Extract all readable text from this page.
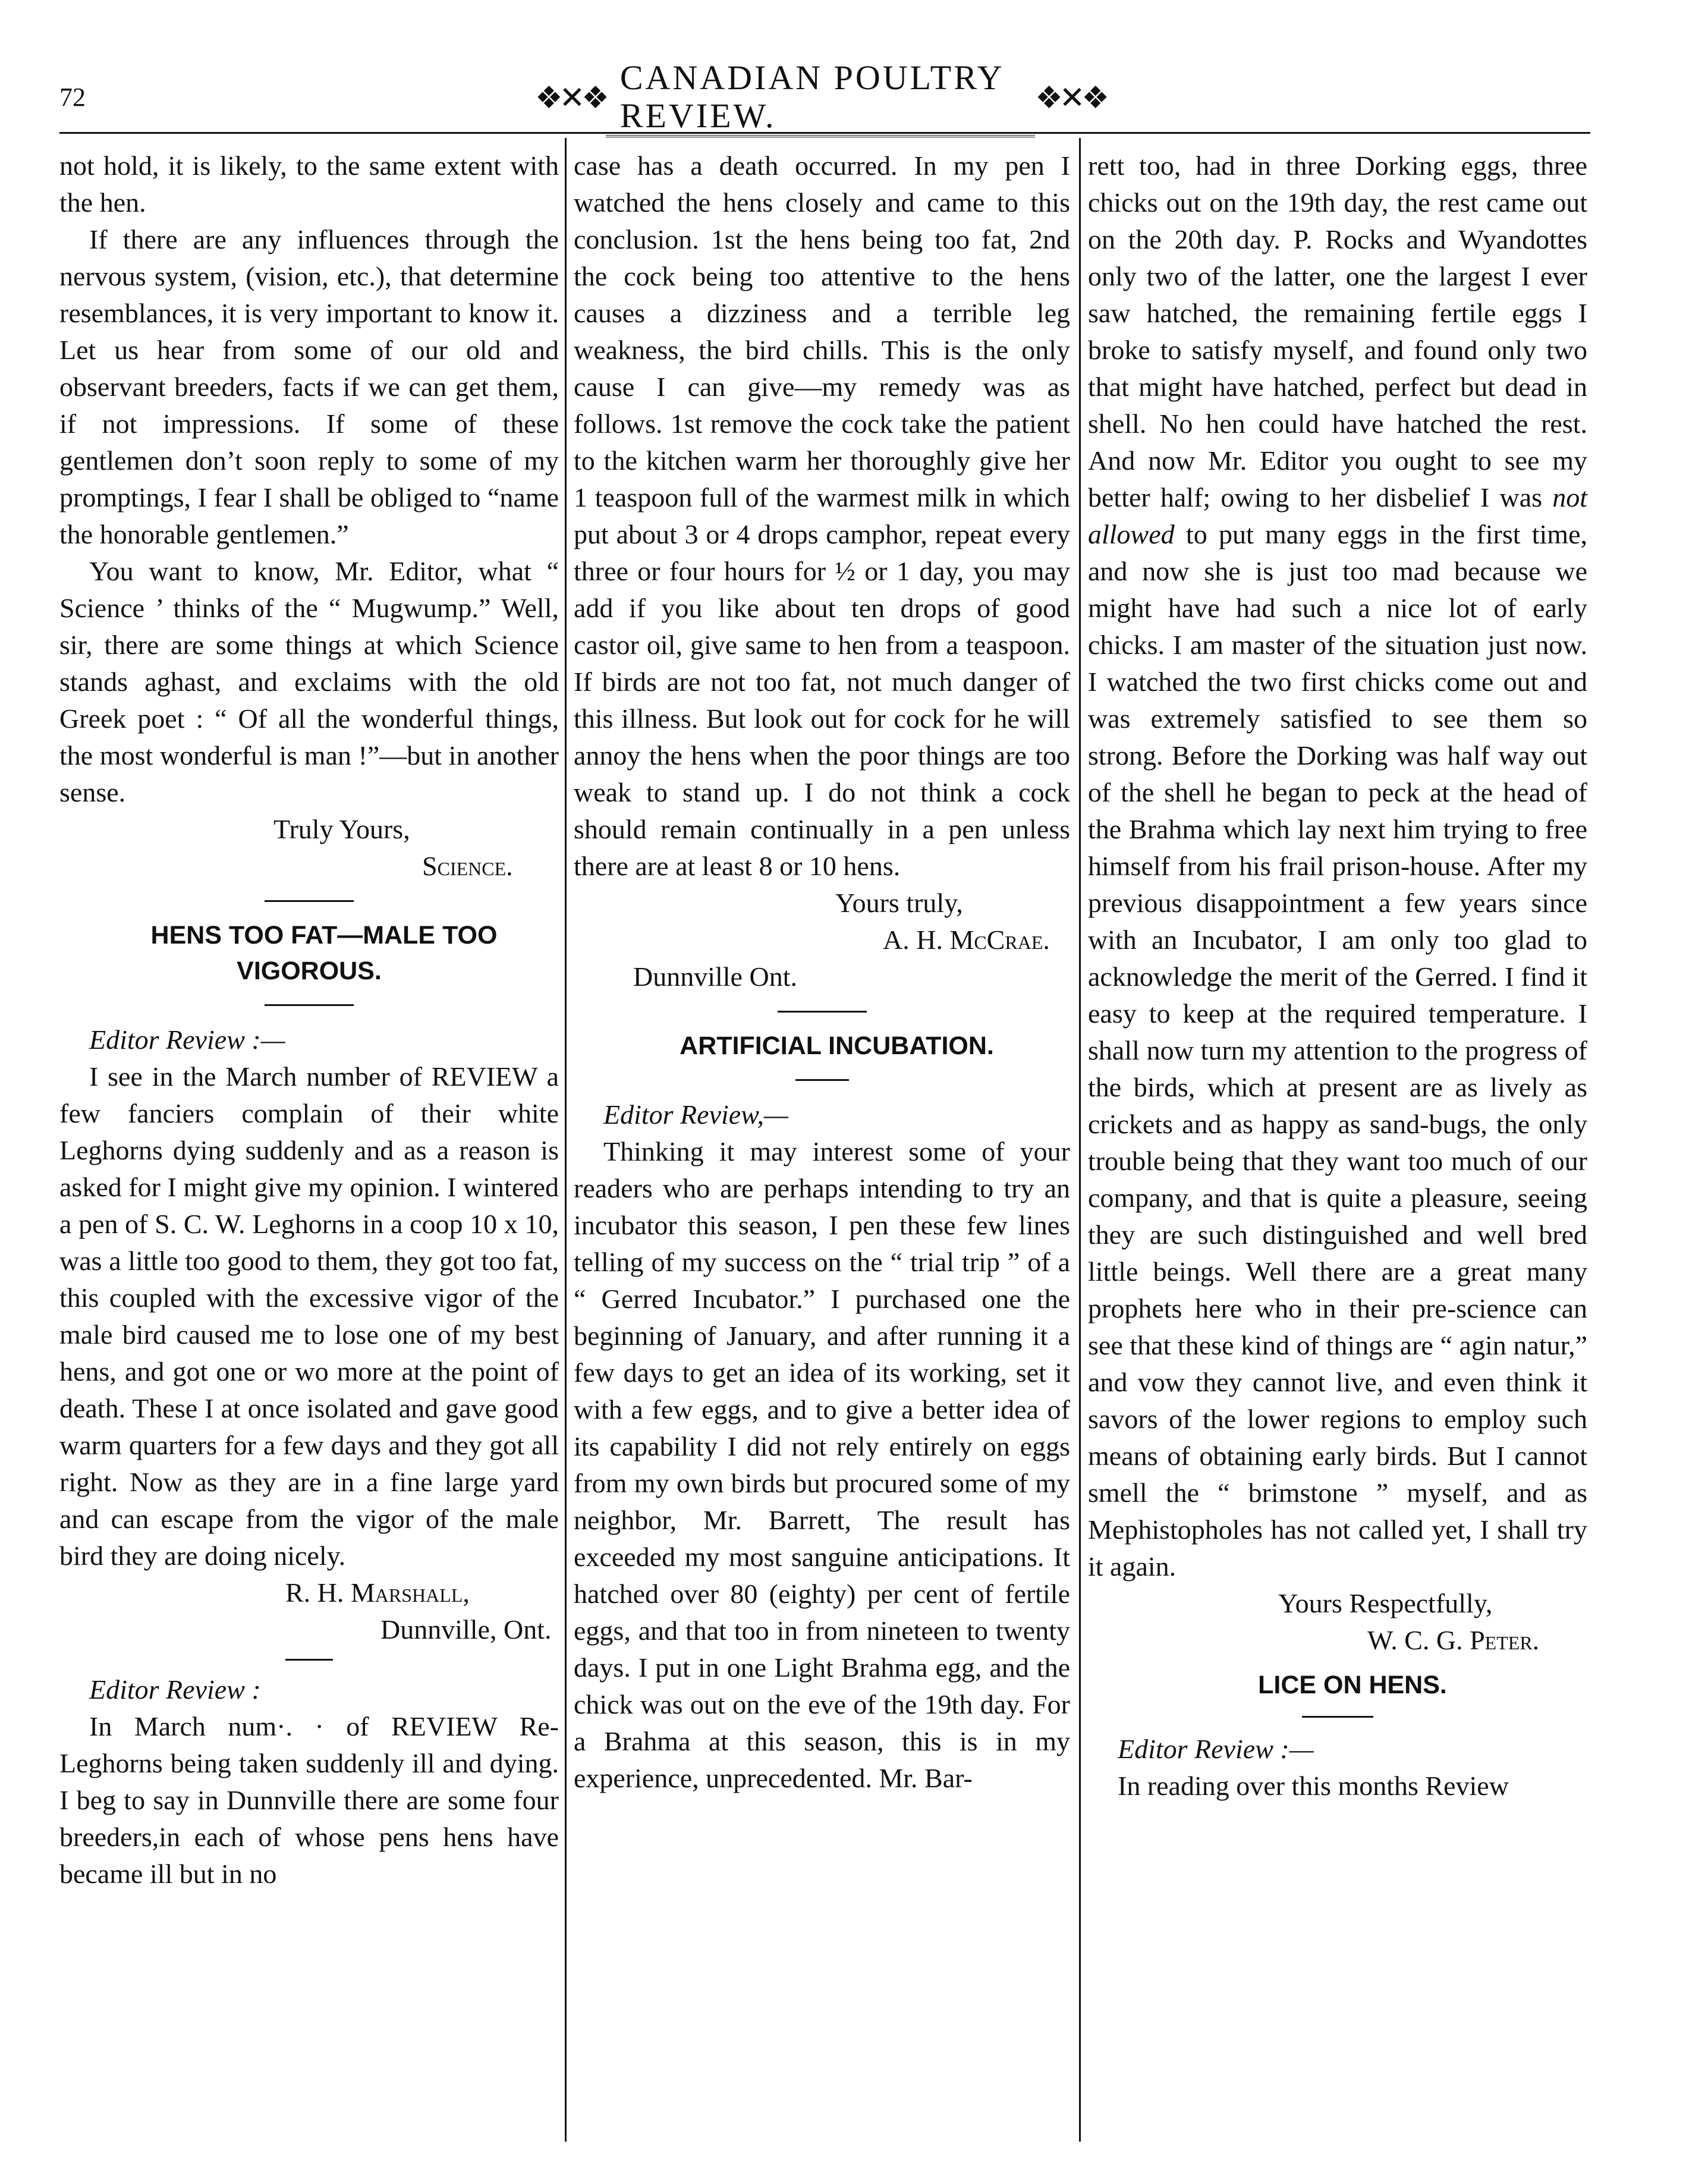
72	❖✕❖
CANADIAN POULTRY REVIEW.	❖✕❖

not hold, it is likely, to the same extent with the hen.

If there are any influences through the nervous system, (vision, etc.), that determine resemblances, it is very important to know it. Let us hear from some of our old and observant breeders, facts if we can get them, if not impressions. If some of these gentlemen don’t soon reply to some of my promptings, I fear I shall be obliged to “name the honorable gentlemen.”

You want to know, Mr. Editor, what “ Science ’ thinks of the “ Mugwump.” Well, sir, there are some things at which Science stands aghast, and exclaims with the old Greek poet : “ Of all the wonderful things, the most wonderful is man !”—but in another sense.

Truly Yours,

Science.

HENS TOO FAT—MALE TOO VIGOROUS.

Editor Review :—

I see in the March number of REVIEW a few fanciers complain of their white Leghorns dying suddenly and as a reason is asked for I might give my opinion. I wintered a pen of S. C. W. Leghorns in a coop 10 x 10, was a little too good to them, they got too fat, this coupled with the excessive vigor of the male bird caused me to lose one of my best hens, and got one or wo more at the point of death. These I at once isolated and gave good warm quarters for a few days and they got all right. Now as they are in a fine large yard and can escape from the vigor of the male bird they are doing nicely.

R. H. Marshall,

Dunnville, Ont.

Editor Review :

In March num·. · of REVIEW Re- Leghorns being taken suddenly ill and dying. I beg to say in Dunnville there are some four breeders,in each of whose pens hens have became ill but in no

case has a death occurred. In my pen I watched the hens closely and came to this conclusion. 1st the hens being too fat, 2nd the cock being too attentive to the hens causes a dizziness and a terrible leg weakness, the bird chills. This is the only cause I can give—my remedy was as follows. 1st remove the cock take the patient to the kitchen warm her thoroughly give her 1 teaspoon full of the warmest milk in which put about 3 or 4 drops camphor, repeat every three or four hours for ½ or 1 day, you may add if you like about ten drops of good castor oil, give same to hen from a teaspoon. If birds are not too fat, not much danger of this illness. But look out for cock for he will annoy the hens when the poor things are too weak to stand up. I do not think a cock should remain continually in a pen unless there are at least 8 or 10 hens.

Yours truly,

A. H. McCrae.

Dunnville Ont.

ARTIFICIAL INCUBATION.

Editor Review,—

Thinking it may interest some of your readers who are perhaps intending to try an incubator this season, I pen these few lines telling of my success on the “ trial trip ” of a “ Gerred Incubator.” I purchased one the beginning of January, and after running it a few days to get an idea of its working, set it with a few eggs, and to give a better idea of its capability I did not rely entirely on eggs from my own birds but procured some of my neighbor, Mr. Barrett, The result has exceeded my most sanguine anticipations. It hatched over 80 (eighty) per cent of fertile eggs, and that too in from nineteen to twenty days. I put in one Light Brahma egg, and the chick was out on the eve of the 19th day. For a Brahma at this season, this is in my experience, unprecedented. Mr. Bar-

rett too, had in three Dorking eggs, three chicks out on the 19th day, the rest came out on the 20th day. P. Rocks and Wyandottes only two of the latter, one the largest I ever saw hatched, the remaining fertile eggs I broke to satisfy myself, and found only two that might have hatched, perfect but dead in shell. No hen could have hatched the rest. And now Mr. Editor you ought to see my better half; owing to her disbelief I was not allowed to put many eggs in the first time, and now she is just too mad because we might have had such a nice lot of early chicks. I am master of the situation just now. I watched the two first chicks come out and was extremely satisfied to see them so strong. Before the Dorking was half way out of the shell he began to peck at the head of the Brahma which lay next him trying to free himself from his frail prison-house. After my previous disappointment a few years since with an Incubator, I am only too glad to acknowledge the merit of the Gerred. I find it easy to keep at the required temperature. I shall now turn my attention to the progress of the birds, which at present are as lively as crickets and as happy as sand-bugs, the only trouble being that they want too much of our company, and that is quite a pleasure, seeing they are such distinguished and well bred little beings. Well there are a great many prophets here who in their pre-science can see that these kind of things are “ agin natur,” and vow they cannot live, and even think it savors of the lower regions to employ such means of obtaining early birds. But I cannot smell the “ brimstone ” myself, and as Mephistopholes has not called yet, I shall try it again.

Yours Respectfully,

W. C. G. Peter.

LICE ON HENS.

Editor Review :—

In reading over this months Review
